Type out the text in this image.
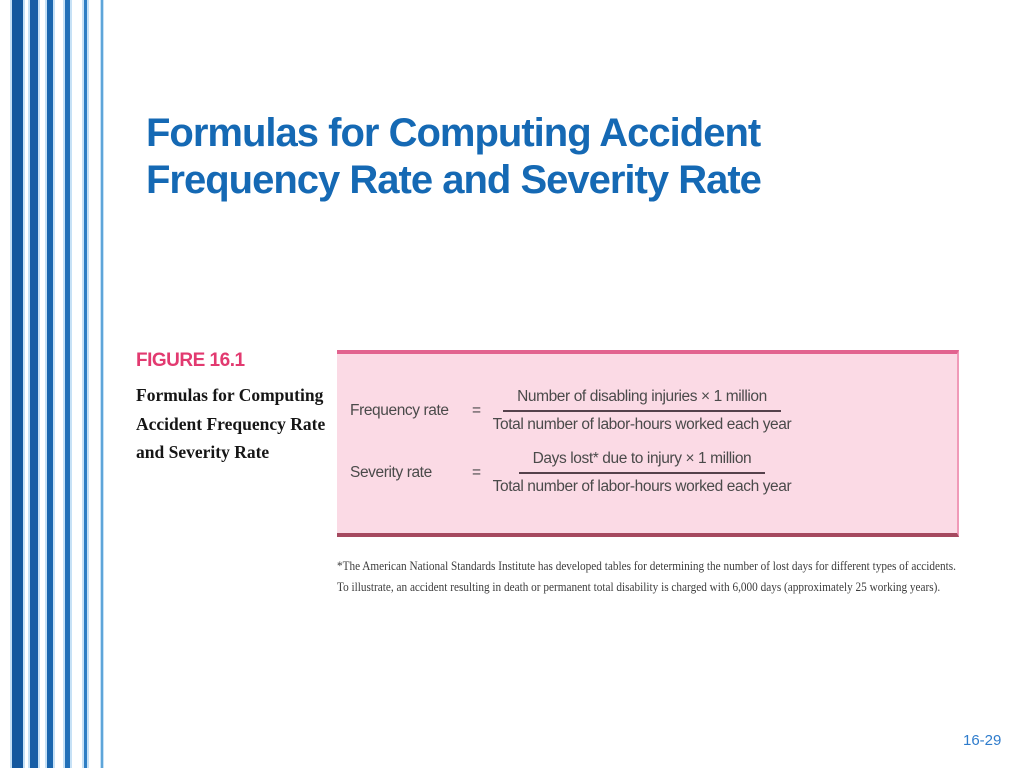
Formulas for Computing Accident
Frequency Rate and Severity Rate
FIGURE 16.1
Formulas for Computing
Accident Frequency Rate
and Severity Rate
Frequency rate	= $\frac{\text{Number of disabling injuries × 1 million}}{\text{Total number of labor-hours worked each year}}$
Severity rate	= $\frac{\text{Days lost* due to injury × 1 million}}{\text{Total number of labor-hours worked each year}}$
*The American National Standards Institute has developed tables for determining the number of lost days for different types of accidents.
To illustrate, an accident resulting in death or permanent total disability is charged with 6,000 days (approximately 25 working years).
16-29
